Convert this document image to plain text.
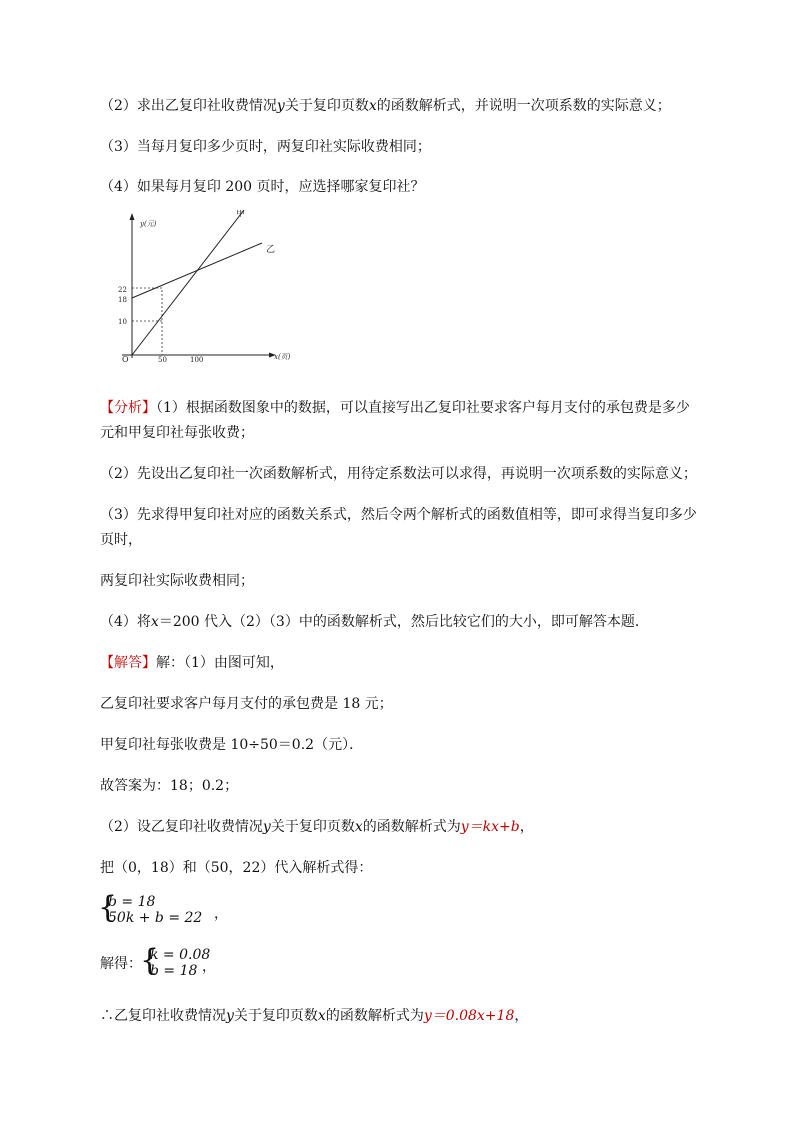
（2）求出乙复印社收费情况y关于复印页数x的函数解析式，并说明一次项系数的实际意义；
（3）当每月复印多少页时，两复印社实际收费相同；
（4）如果每月复印 200 页时，应选择哪家复印社？
y(元)
x(页)
O	50	100
22
18
10
甲
乙
【分析】（1）根据函数图象中的数据，可以直接写出乙复印社要求客户每月支付的承包费是多少
元和甲复印社每张收费；
（2）先设出乙复印社一次函数解析式，用待定系数法可以求得，再说明一次项系数的实际意义；
（3）先求得甲复印社对应的函数关系式，然后令两个解析式的函数值相等，即可求得当复印多少
页时，
两复印社实际收费相同；
（4）将x＝200 代入（2）（3）中的函数解析式，然后比较它们的大小，即可解答本题．
【解答】解：（1）由图可知，
乙复印社要求客户每月支付的承包费是 18 元；
甲复印社每张收费是 10÷50＝0.2（元）．
故答案为：18；0.2；
（2）设乙复印社收费情况y关于复印页数x的函数解析式为y＝kx+b，
把（0，18）和（50，22）代入解析式得：
{
b = 18
50k + b = 22 ，
解得：
{
k = 0.08
b = 18 ，
∴乙复印社收费情况y关于复印页数x的函数解析式为y＝0.08x+18，
